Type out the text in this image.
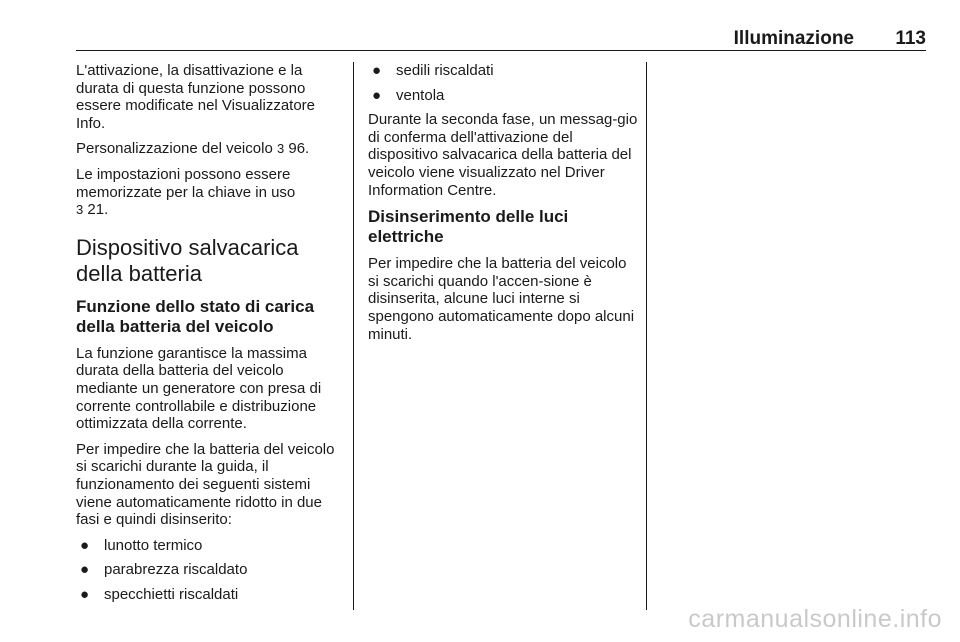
Illuminazione 113

L'attivazione, la disattivazione e la durata di questa funzione possono essere modificate nel Visualizzatore Info.

Personalizzazione del veicolo 3 96.

Le impostazioni possono essere memorizzate per la chiave in uso
3 21.

Dispositivo salvacarica della batteria
Funzione dello stato di carica della batteria del veicolo

La funzione garantisce la massima durata della batteria del veicolo mediante un generatore con presa di corrente controllabile e distribuzione ottimizzata della corrente.

Per impedire che la batteria del veicolo si scarichi durante la guida, il funzionamento dei seguenti sistemi viene automaticamente ridotto in due fasi e quindi disinserito:

● lunotto termico
● parabrezza riscaldato
● specchietti riscaldati
● sedili riscaldati
● ventola

Durante la seconda fase, un messag-gio di conferma dell'attivazione del dispositivo salvacarica della batteria del veicolo viene visualizzato nel Driver Information Centre.

Disinserimento delle luci elettriche

Per impedire che la batteria del veicolo si scarichi quando l'accen-sione è disinserita, alcune luci interne si spengono automaticamente dopo alcuni minuti.

carmanualsonline.info
